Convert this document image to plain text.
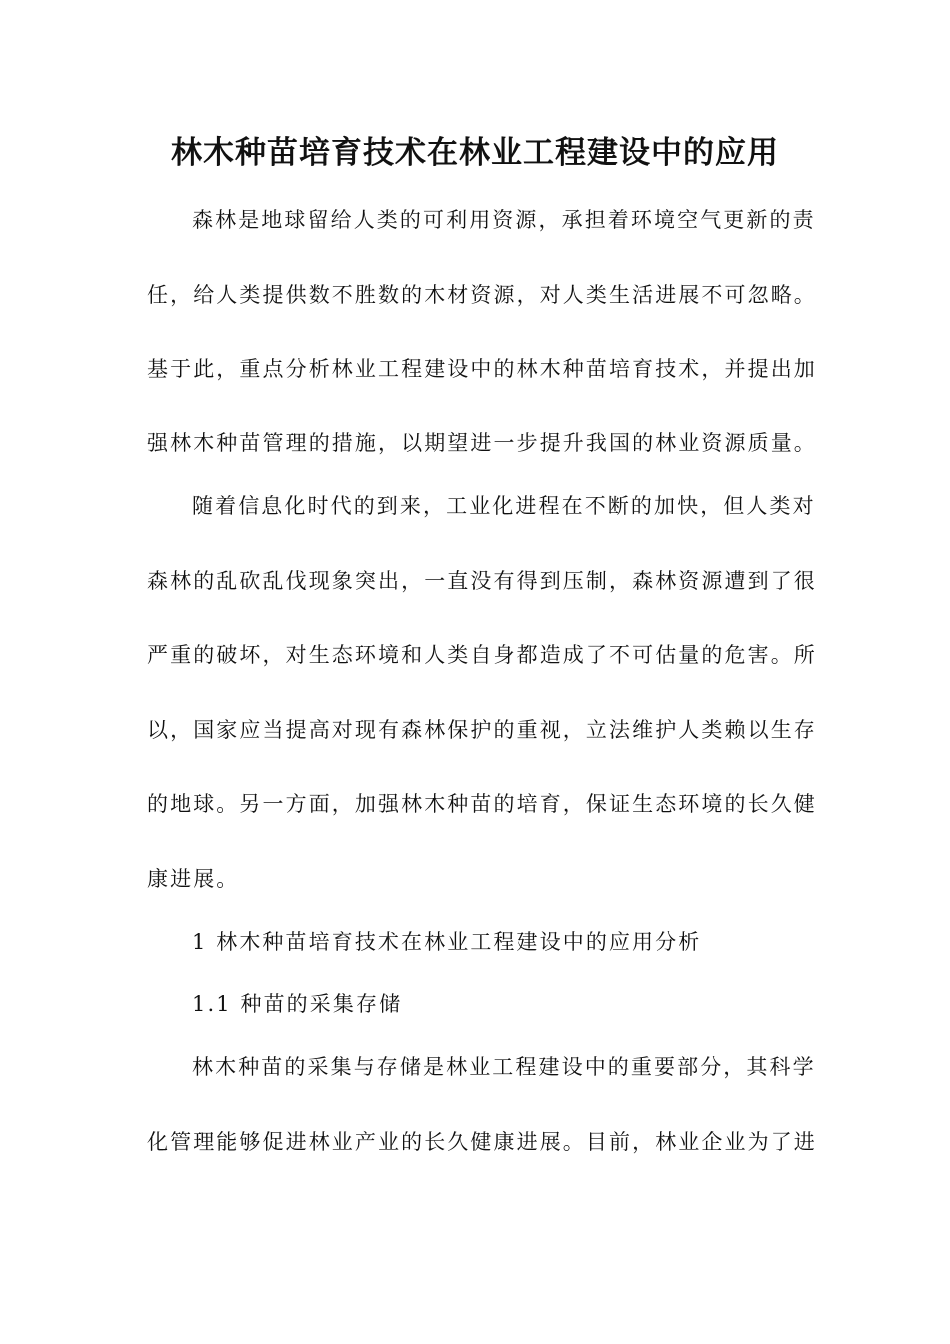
林木种苗培育技术在林业工程建设中的应用
森林是地球留给人类的可利用资源，承担着环境空气更新的责
任，给人类提供数不胜数的木材资源，对人类生活进展不可忽略。
基于此，重点分析林业工程建设中的林木种苗培育技术，并提出加
强林木种苗管理的措施，以期望进一步提升我国的林业资源质量。
随着信息化时代的到来，工业化进程在不断的加快，但人类对
森林的乱砍乱伐现象突出，一直没有得到压制，森林资源遭到了很
严重的破坏，对生态环境和人类自身都造成了不可估量的危害。所
以，国家应当提高对现有森林保护的重视，立法维护人类赖以生存
的地球。另一方面，加强林木种苗的培育，保证生态环境的长久健
康进展。
1 林木种苗培育技术在林业工程建设中的应用分析
1.1 种苗的采集存储
林木种苗的采集与存储是林业工程建设中的重要部分，其科学
化管理能够促进林业产业的长久健康进展。目前，林业企业为了进
